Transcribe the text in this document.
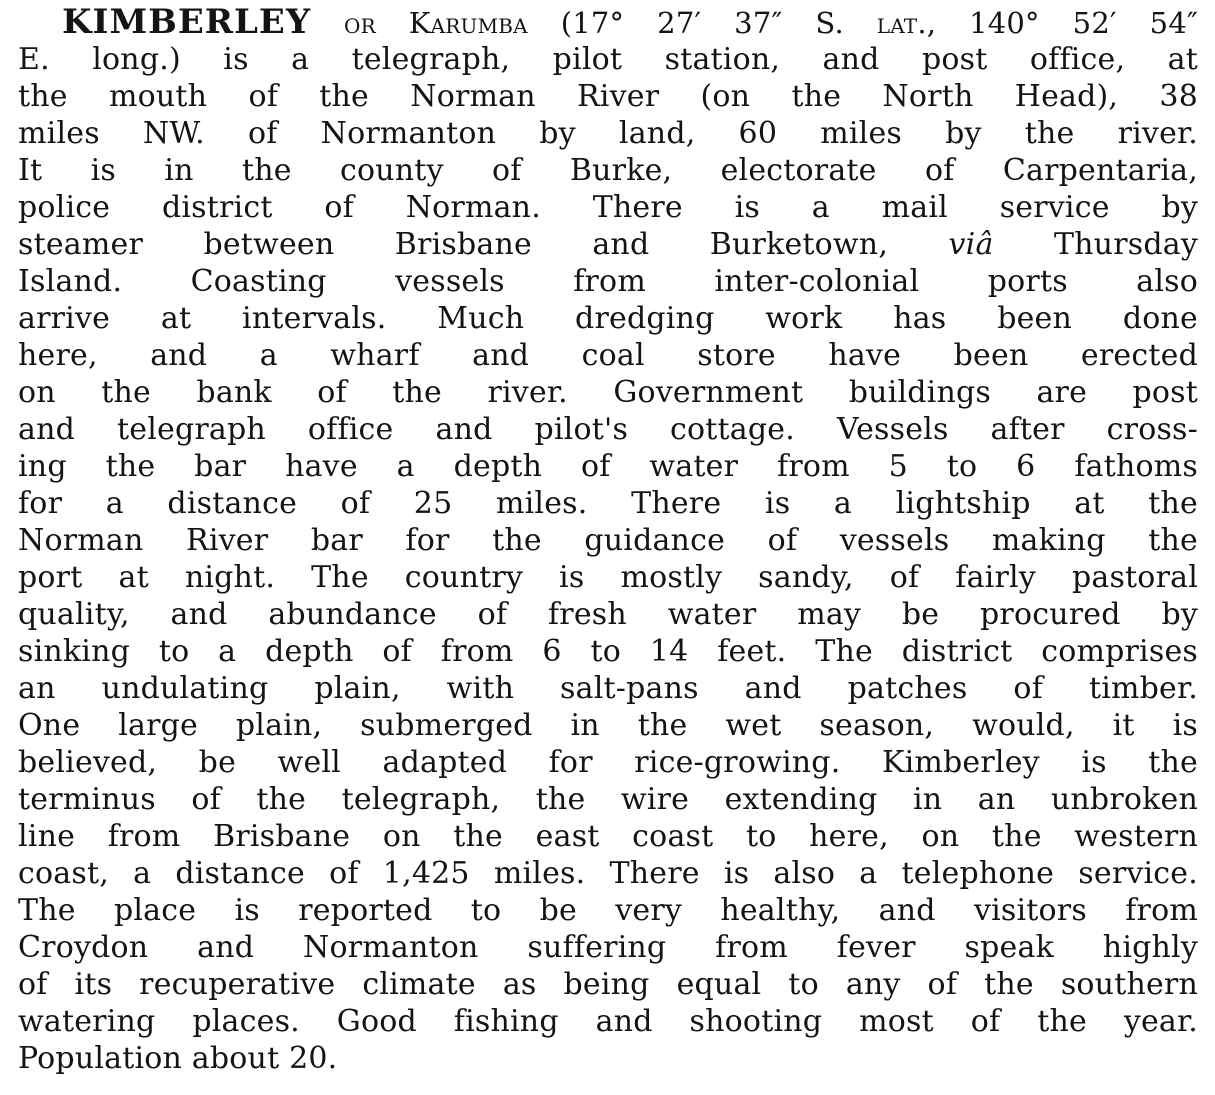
KIMBERLEY or Karumba (17° 27′ 37″ S. lat., 140° 52′ 54″
E. long.) is a telegraph, pilot station, and post office, at
the mouth of the Norman River (on the North Head), 38
miles NW. of Normanton by land, 60 miles by the river.
It is in the county of Burke, electorate of Carpentaria,
police district of Norman. There is a mail service by
steamer between Brisbane and Burketown, viâ Thursday
Island. Coasting vessels from inter-colonial ports also
arrive at intervals. Much dredging work has been done
here, and a wharf and coal store have been erected
on the bank of the river. Government buildings are post
and telegraph office and pilot's cottage. Vessels after cross-
ing the bar have a depth of water from 5 to 6 fathoms
for a distance of 25 miles. There is a lightship at the
Norman River bar for the guidance of vessels making the
port at night. The country is mostly sandy, of fairly pastoral
quality, and abundance of fresh water may be procured by
sinking to a depth of from 6 to 14 feet. The district comprises
an undulating plain, with salt-pans and patches of timber.
One large plain, submerged in the wet season, would, it is
believed, be well adapted for rice-growing. Kimberley is the
terminus of the telegraph, the wire extending in an unbroken
line from Brisbane on the east coast to here, on the western
coast, a distance of 1,425 miles. There is also a telephone service.
The place is reported to be very healthy, and visitors from
Croydon and Normanton suffering from fever speak highly
of its recuperative climate as being equal to any of the southern
watering places. Good fishing and shooting most of the year.
Population about 20.
